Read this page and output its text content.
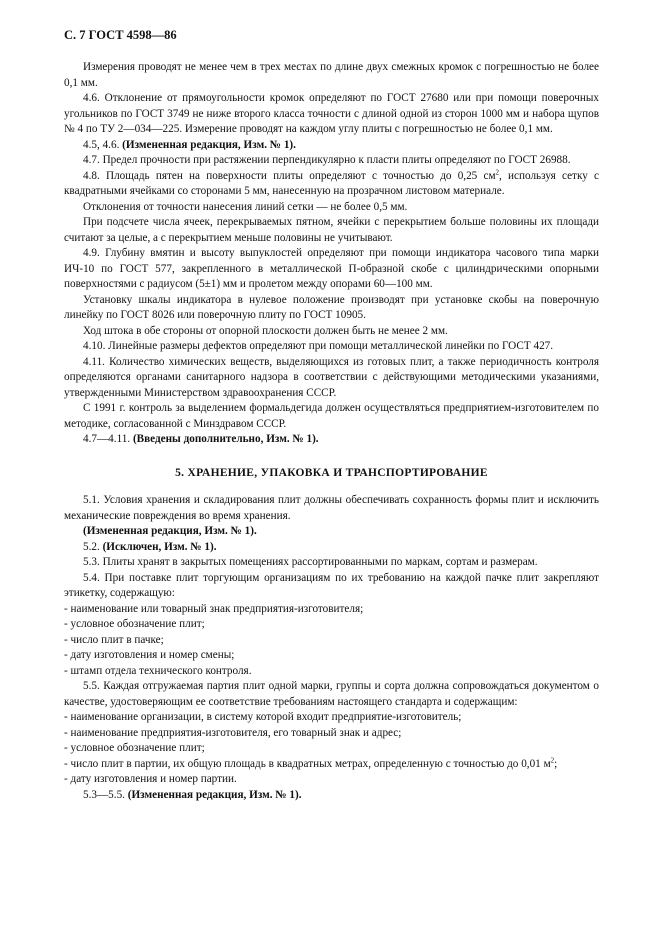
С. 7 ГОСТ 4598—86

Измерения проводят не менее чем в трех местах по длине двух смежных кромок с погрешностью не более 0,1 мм.

4.6. Отклонение от прямоугольности кромок определяют по ГОСТ 27680 или при помощи поверочных угольников по ГОСТ 3749 не ниже второго класса точности с длиной одной из сторон 1000 мм и набора щупов № 4 по ТУ 2—034—225. Измерение проводят на каждом углу плиты с погрешностью не более 0,1 мм.

4.5, 4.6. (Измененная редакция, Изм. № 1).

4.7. Предел прочности при растяжении перпендикулярно к пласти плиты определяют по ГОСТ 26988.

4.8. Площадь пятен на поверхности плиты определяют с точностью до 0,25 $см^2$, используя сетку с квадратными ячейками со сторонами 5 мм, нанесенную на прозрачном листовом материале.

Отклонения от точности нанесения линий сетки — не более 0,5 мм.

При подсчете числа ячеек, перекрываемых пятном, ячейки с перекрытием больше половины их площади считают за целые, а с перекрытием меньше половины не учитывают.

4.9. Глубину вмятин и высоту выпуклостей определяют при помощи индикатора часового типа марки ИЧ-10 по ГОСТ 577, закрепленного в металлической П-образной скобе с цилиндрическими опорными поверхностями с радиусом (5±1) мм и пролетом между опорами 60—100 мм.

Установку шкалы индикатора в нулевое положение производят при установке скобы на поверочную линейку по ГОСТ 8026 или поверочную плиту по ГОСТ 10905.

Ход штока в обе стороны от опорной плоскости должен быть не менее 2 мм.

4.10. Линейные размеры дефектов определяют при помощи металлической линейки по ГОСТ 427.

4.11. Количество химических веществ, выделяющихся из готовых плит, а также периодичность контроля определяются органами санитарного надзора в соответствии с действующими методическими указаниями, утвержденными Министерством здравоохранения СССР.

С 1991 г. контроль за выделением формальдегида должен осуществляться предприятием-изготовителем по методике, согласованной с Минздравом СССР.

4.7—4.11. (Введены дополнительно, Изм. № 1).

5. ХРАНЕНИЕ, УПАКОВКА И ТРАНСПОРТИРОВАНИЕ

5.1. Условия хранения и складирования плит должны обеспечивать сохранность формы плит и исключить механические повреждения во время хранения.

(Измененная редакция, Изм. № 1).

5.2. (Исключен, Изм. № 1).

5.3. Плиты хранят в закрытых помещениях рассортированными по маркам, сортам и размерам.

5.4. При поставке плит торгующим организациям по их требованию на каждой пачке плит закрепляют этикетку, содержащую:

- наименование или товарный знак предприятия-изготовителя;

- условное обозначение плит;

- число плит в пачке;

- дату изготовления и номер смены;

- штамп отдела технического контроля.

5.5. Каждая отгружаемая партия плит одной марки, группы и сорта должна сопровождаться документом о качестве, удостоверяющим ее соответствие требованиям настоящего стандарта и содержащим:

- наименование организации, в систему которой входит предприятие-изготовитель;

- наименование предприятия-изготовителя, его товарный знак и адрес;

- условное обозначение плит;

- число плит в партии, их общую площадь в квадратных метрах, определенную с точностью до 0,01 $м^2$;

- дату изготовления и номер партии.

5.3—5.5. (Измененная редакция, Изм. № 1).
